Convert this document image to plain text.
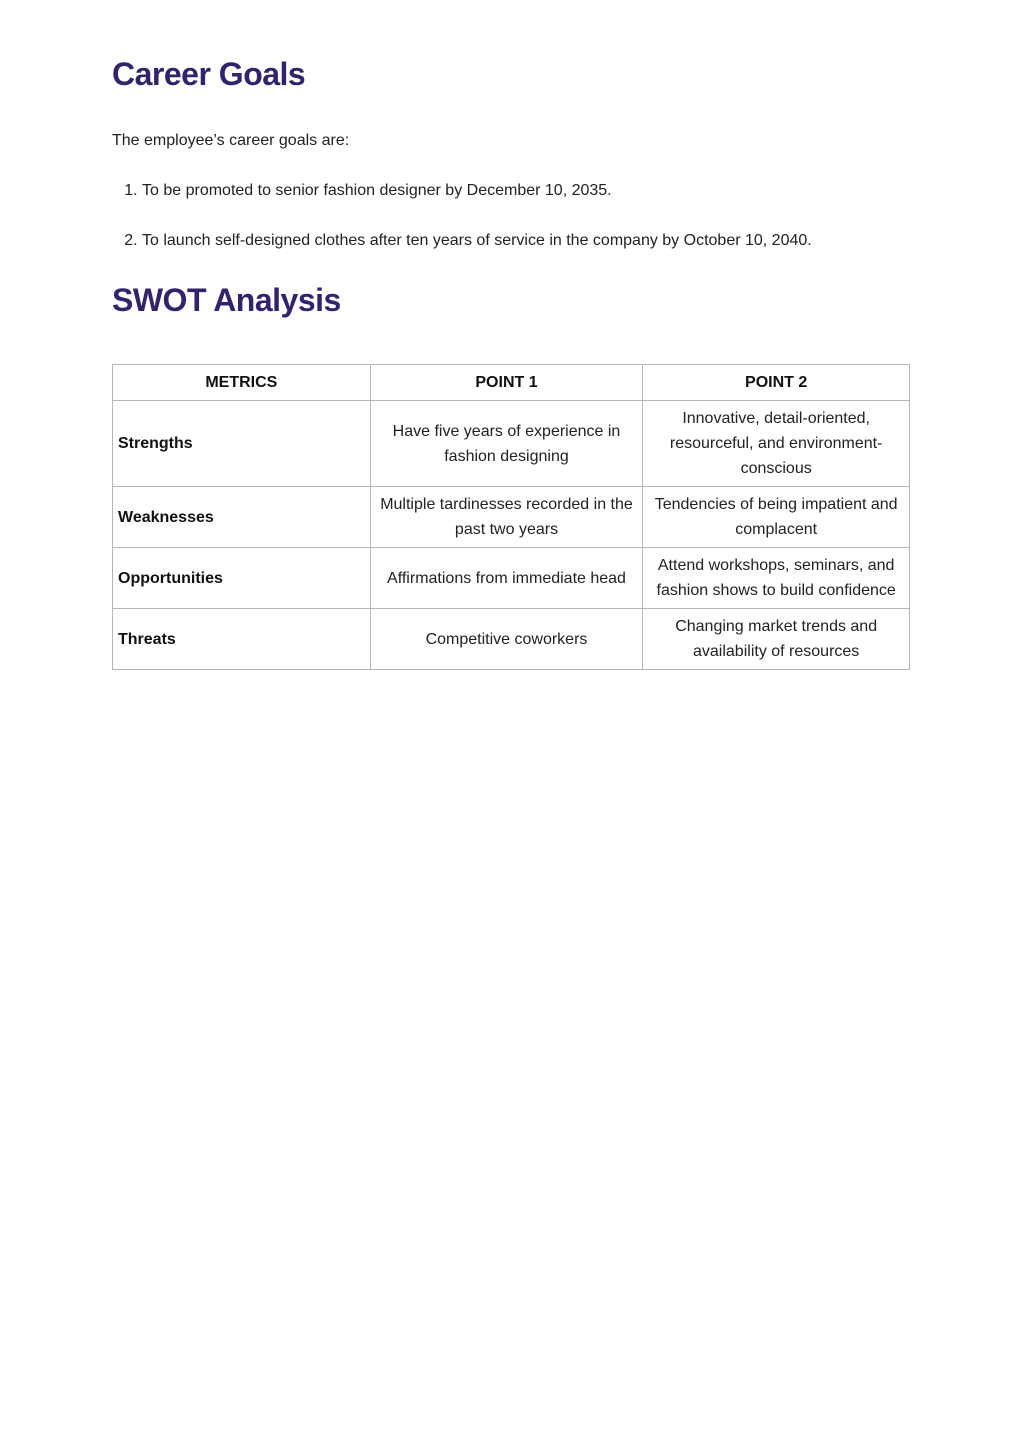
Career Goals

The employee’s career goals are:

1. To be promoted to senior fashion designer by December 10, 2035.
2. To launch self-designed clothes after ten years of service in the company by October 10, 2040.
SWOT Analysis
METRICS	POINT 1	POINT 2
Strengths	Have five years of experience in fashion designing	Innovative, detail-oriented, resourceful, and environment-conscious
Weaknesses	Multiple tardinesses recorded in the past two years	Tendencies of being impatient and complacent
Opportunities	Affirmations from immediate head	Attend workshops, seminars, and fashion shows to build confidence
Threats	Competitive coworkers	Changing market trends and availability of resources
